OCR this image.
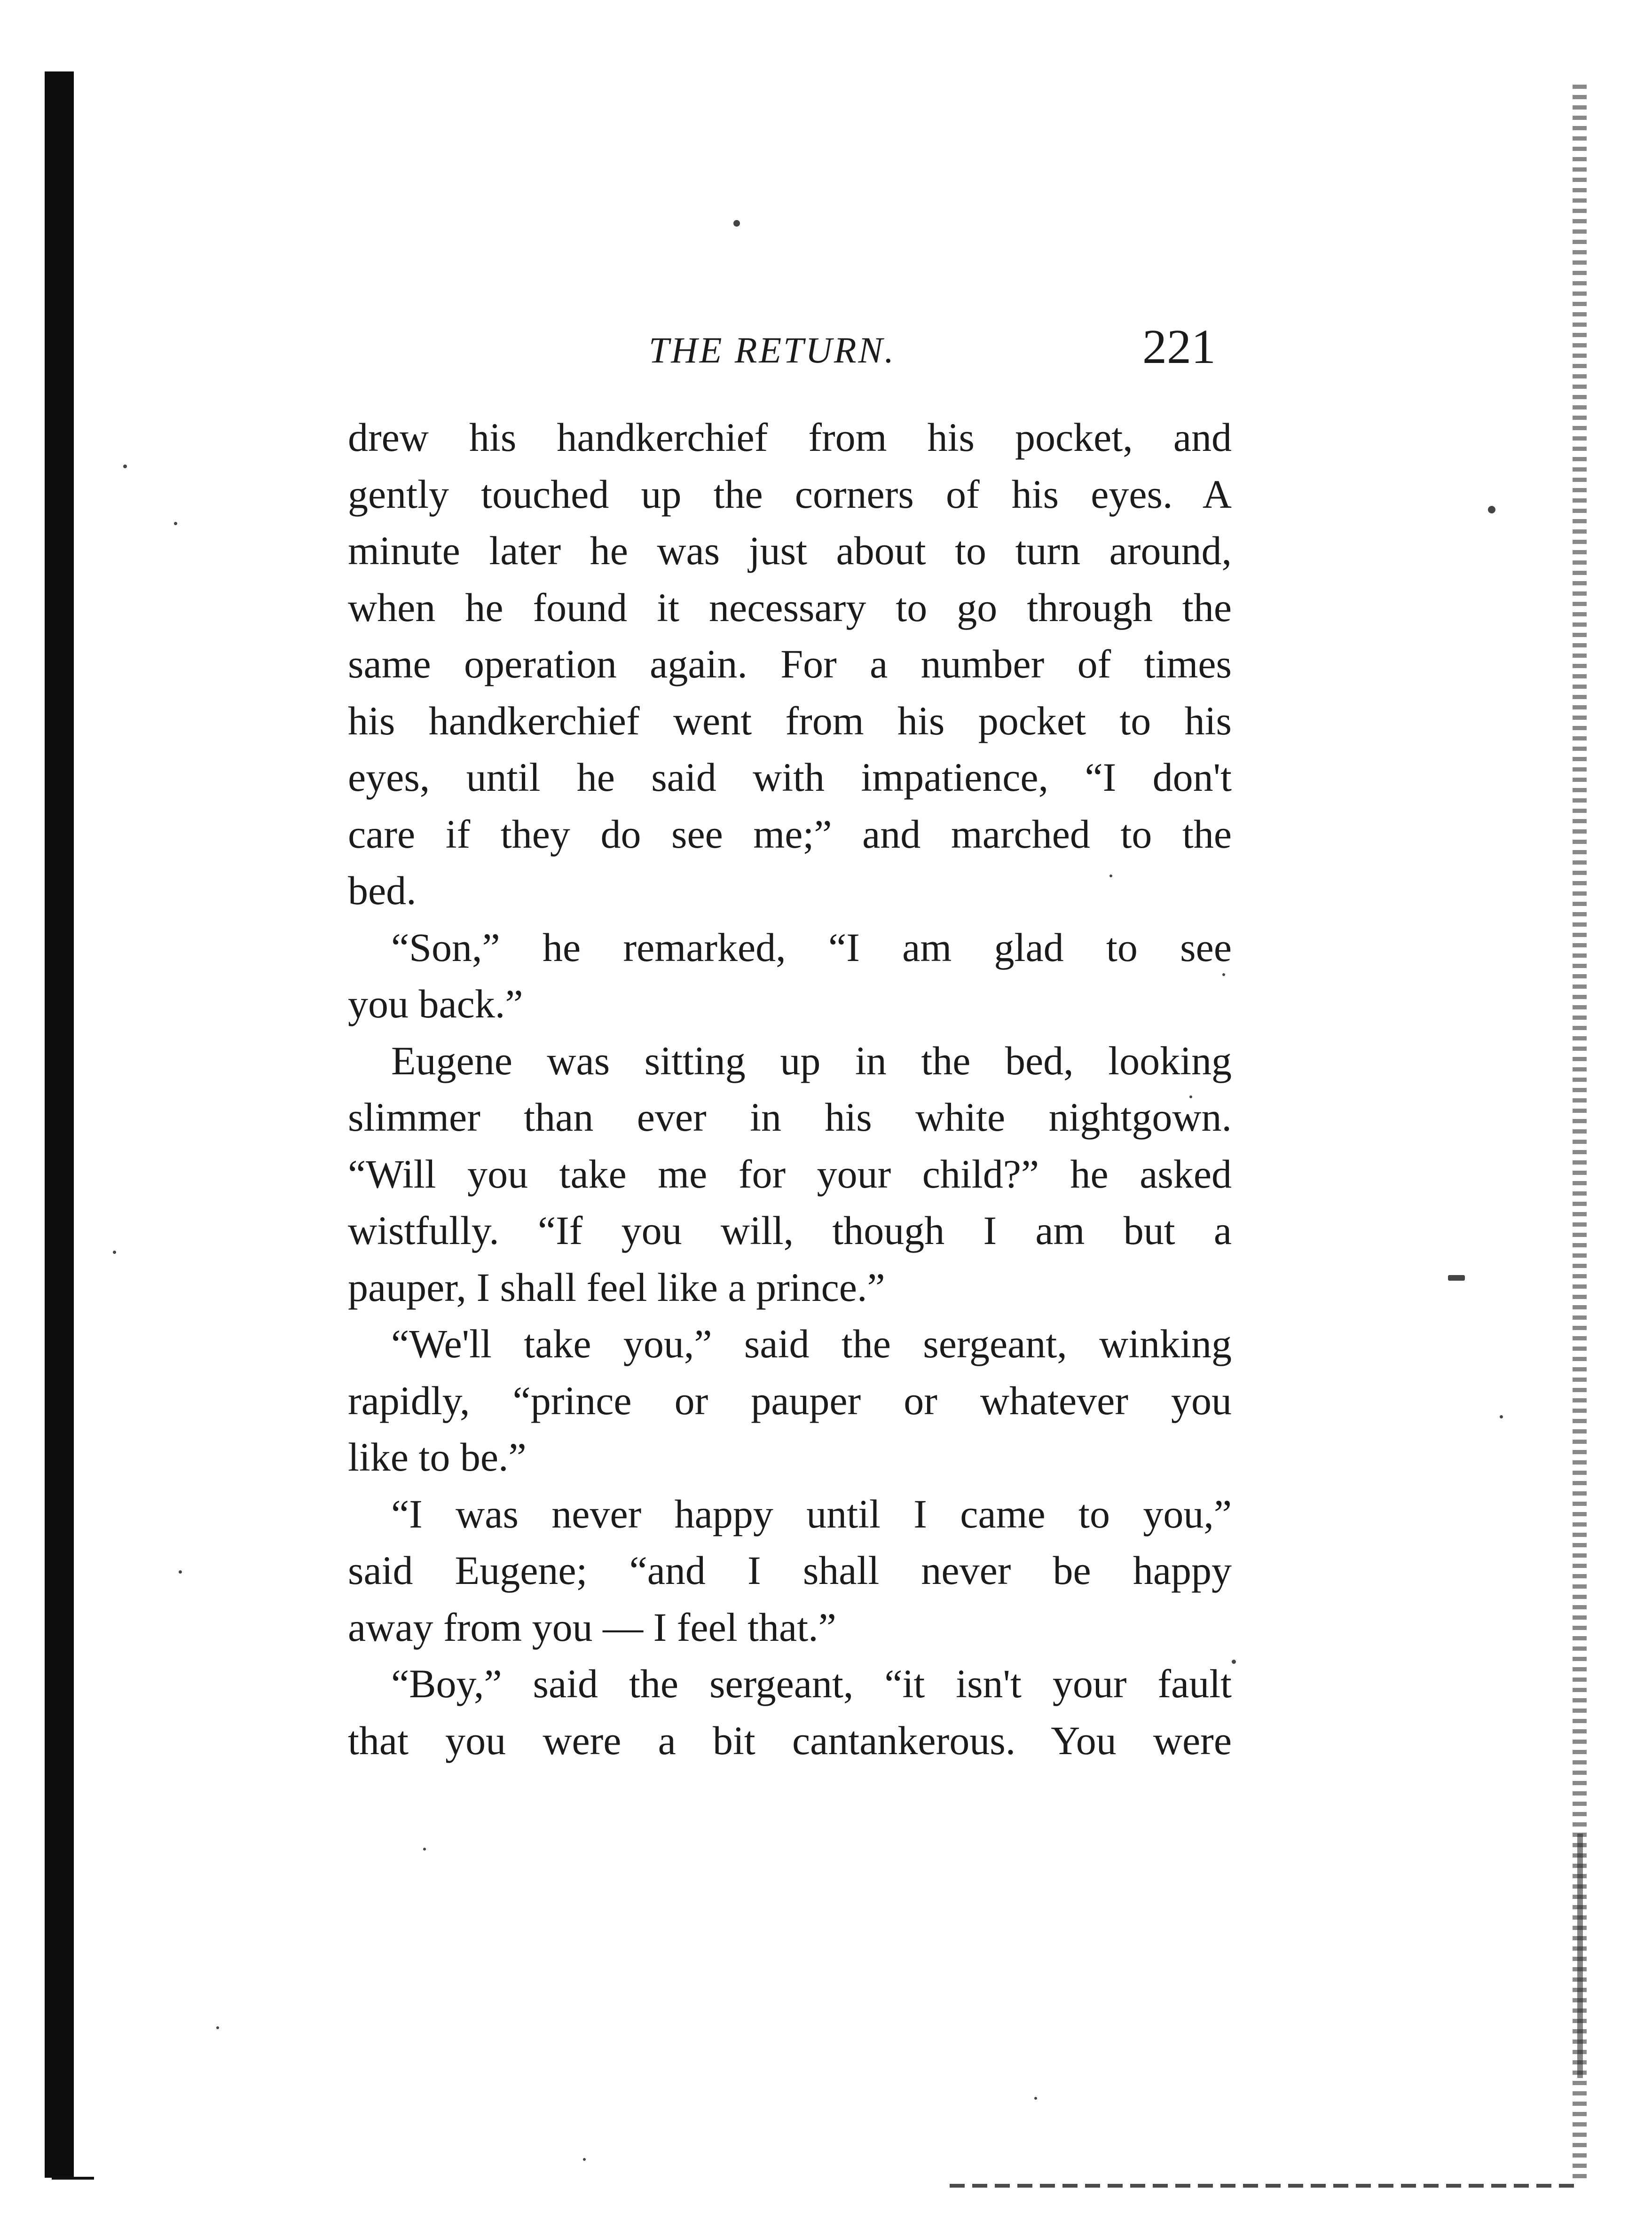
THE RETURN.	221
drew his handkerchief from his pocket, and
gently touched up the corners of his eyes. A
minute later he was just about to turn around,
when he found it necessary to go through the
same operation again. For a number of times
his handkerchief went from his pocket to his
eyes, until he said with impatience, “I don't
care if they do see me;” and marched to the
bed.
“Son,” he remarked, “I am glad to see
you back.”
Eugene was sitting up in the bed, looking
slimmer than ever in his white nightgown.
“Will you take me for your child?” he asked
wistfully. “If you will, though I am but a
pauper, I shall feel like a prince.”
“We'll take you,” said the sergeant, winking
rapidly, “prince or pauper or whatever you
like to be.”
“I was never happy until I came to you,”
said Eugene; “and I shall never be happy
away from you — I feel that.”
“Boy,” said the sergeant, “it isn't your fault
that you were a bit cantankerous. You were
